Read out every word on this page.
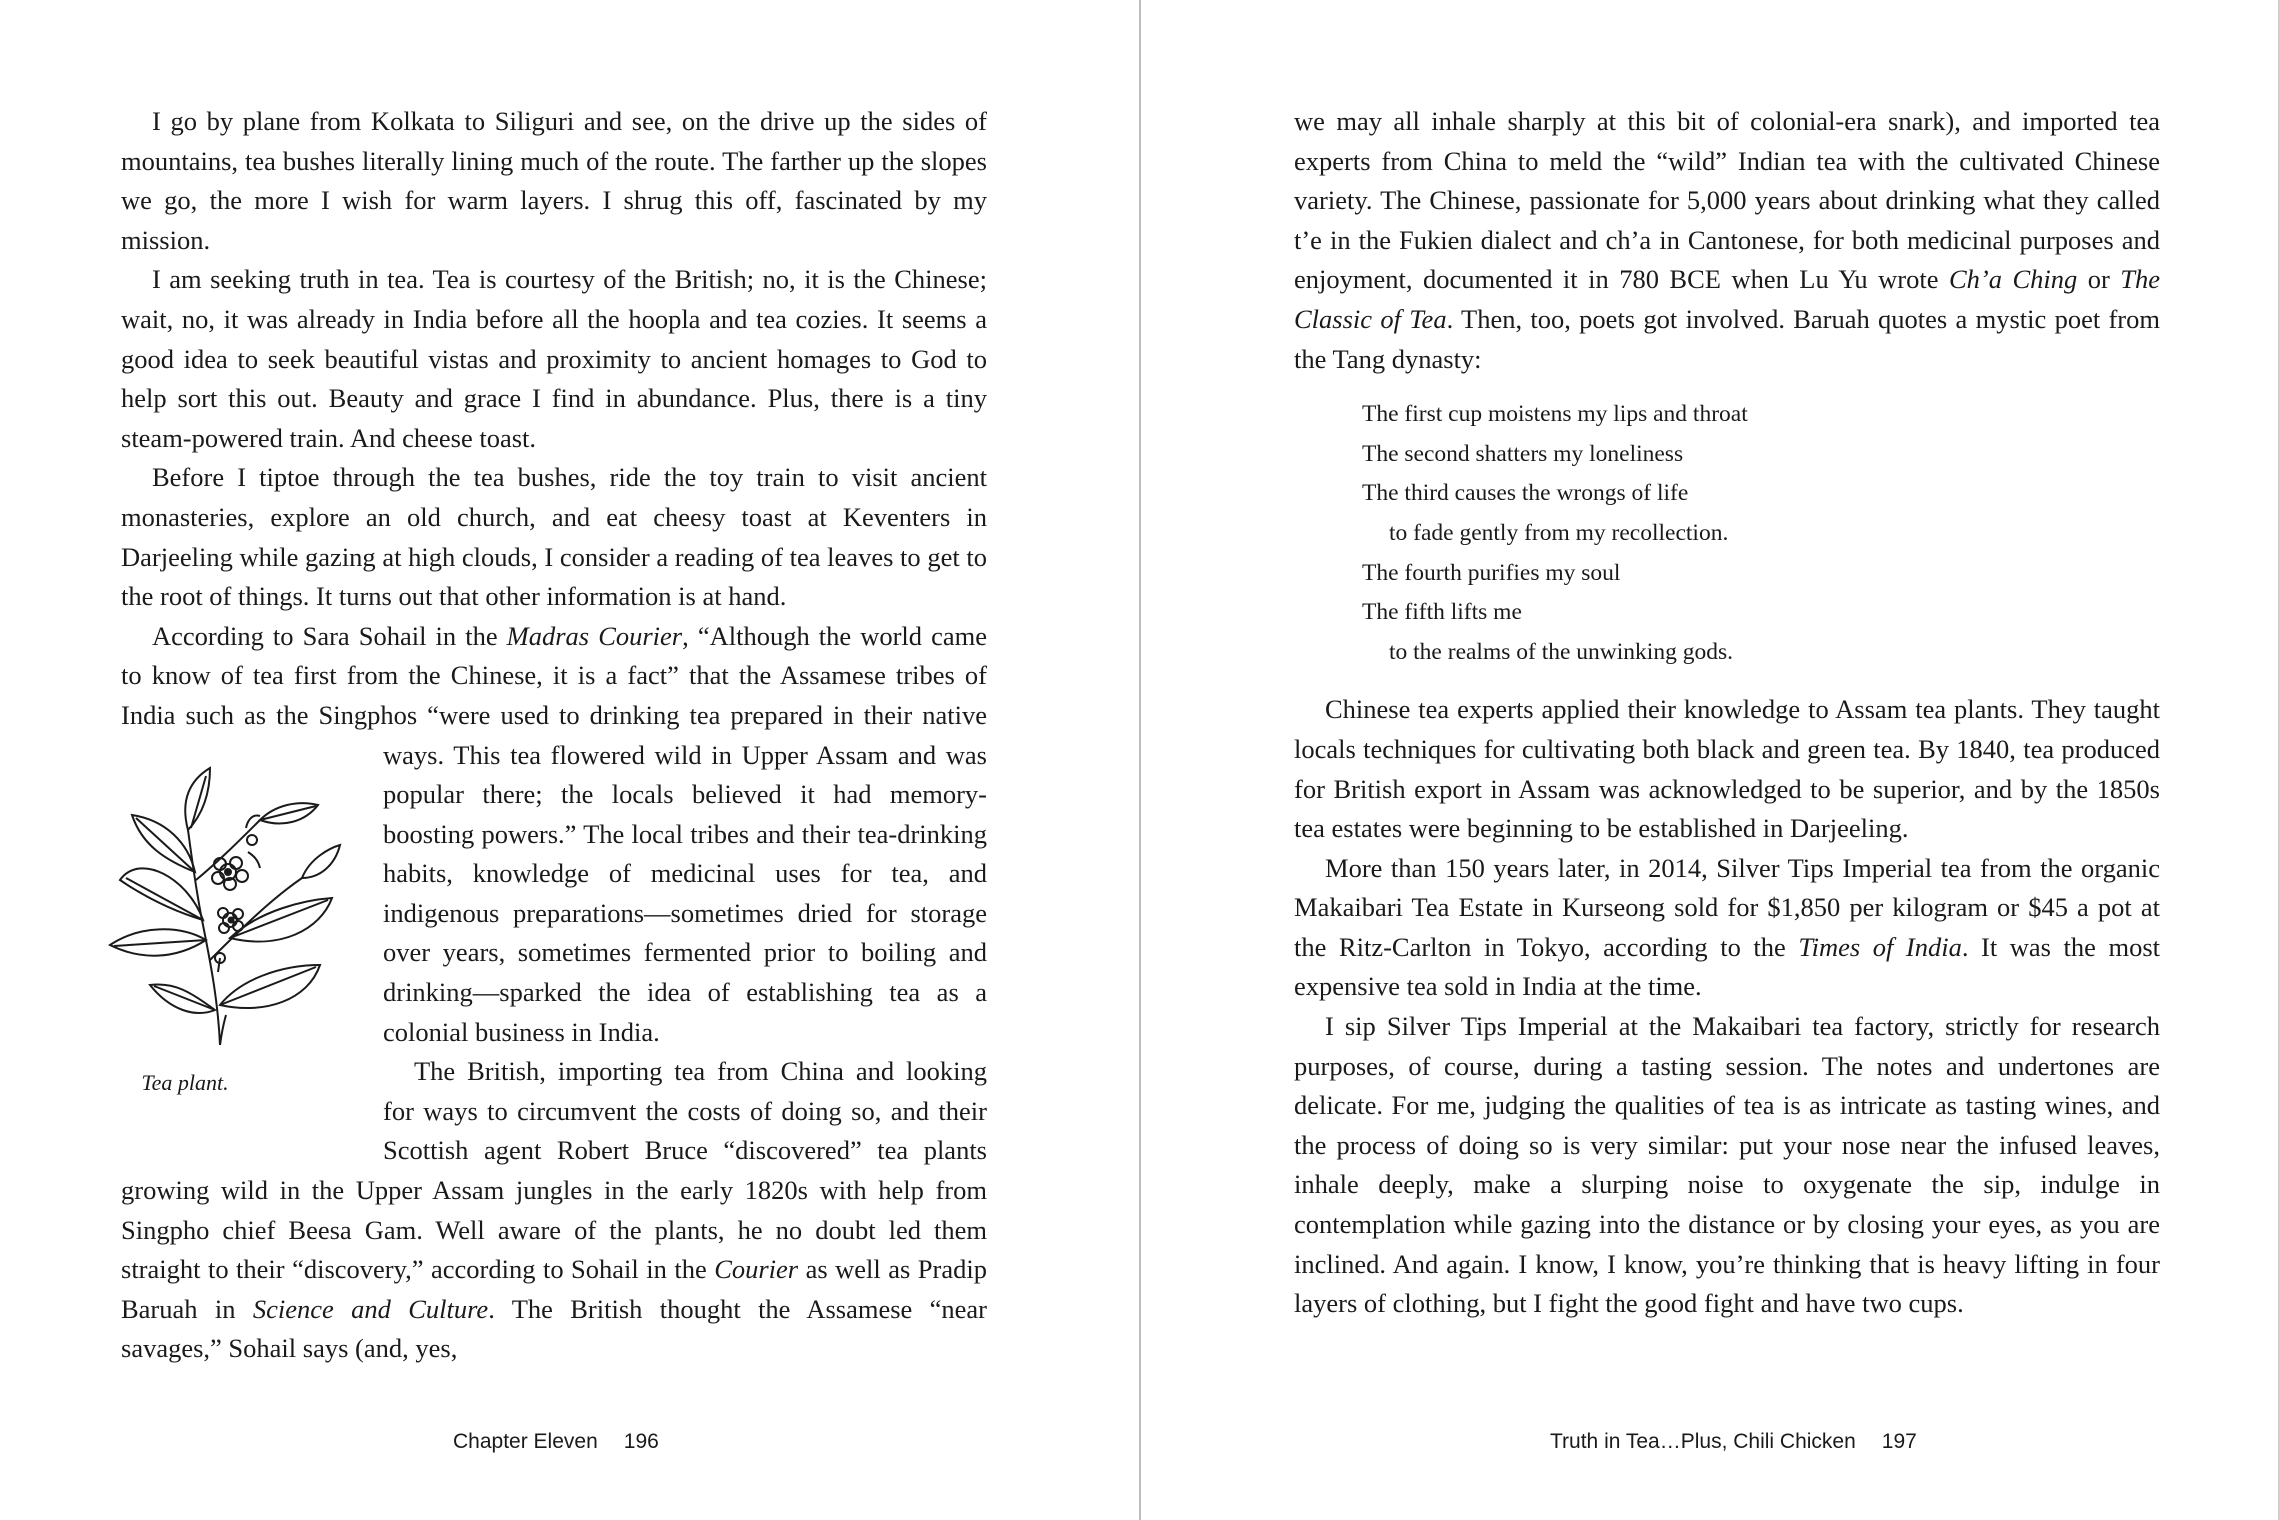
I go by plane from Kolkata to Siliguri and see, on the drive up the sides of mountains, tea bushes literally lining much of the route. The farther up the slopes we go, the more I wish for warm layers. I shrug this off, fascinated by my mission.

I am seeking truth in tea. Tea is courtesy of the British; no, it is the Chinese; wait, no, it was already in India before all the hoopla and tea cozies. It seems a good idea to seek beautiful vistas and proximity to ancient homages to God to help sort this out. Beauty and grace I find in abundance. Plus, there is a tiny steam-powered train. And cheese toast.

Before I tiptoe through the tea bushes, ride the toy train to visit ancient monasteries, explore an old church, and eat cheesy toast at Keventers in Darjeeling while gazing at high clouds, I consider a reading of tea leaves to get to the root of things. It turns out that other information is at hand.

According to Sara Sohail in the Madras Courier, “Although the world came to know of tea first from the Chinese, it is a fact” that the Assamese tribes of India such as the Singphos “were used to drinking tea prepared in their native ways. This tea flowered wild in Upper Assam and was popular there; the locals believed it had memory-boosting powers.” The local tribes and their tea-drinking habits, knowledge of medicinal uses for tea, and indigenous preparations—sometimes dried for storage over years, sometimes fermented prior to boiling and drinking—sparked the idea of establishing tea as a colonial business in India.

The British, importing tea from China and looking for ways to circumvent the costs of doing so, and their Scottish agent Robert Bruce “discovered” tea plants growing wild in the Upper Assam jungles in the early 1820s with help from Singpho chief Beesa Gam. Well aware of the plants, he no doubt led them straight to their “discovery,” according to Sohail in the Courier as well as Pradip Baruah in Science and Culture. The British thought the Assamese “near savages,” Sohail says (and, yes,

Tea plant.
Chapter Eleven 196

we may all inhale sharply at this bit of colonial-era snark), and imported tea experts from China to meld the “wild” Indian tea with the cultivated Chinese variety. The Chinese, passionate for 5,000 years about drinking what they called t’e in the Fukien dialect and ch’a in Cantonese, for both medicinal purposes and enjoyment, documented it in 780 BCE when Lu Yu wrote Ch’a Ching or The Classic of Tea. Then, too, poets got involved. Baruah quotes a mystic poet from the Tang dynasty:

The first cup moistens my lips and throat
The second shatters my loneliness
The third causes the wrongs of life
to fade gently from my recollection.
The fourth purifies my soul
The fifth lifts me
to the realms of the unwinking gods.

Chinese tea experts applied their knowledge to Assam tea plants. They taught locals techniques for cultivating both black and green tea. By 1840, tea produced for British export in Assam was acknowledged to be superior, and by the 1850s tea estates were beginning to be established in Darjeeling.

More than 150 years later, in 2014, Silver Tips Imperial tea from the organic Makaibari Tea Estate in Kurseong sold for $1,850 per kilogram or $45 a pot at the Ritz-Carlton in Tokyo, according to the Times of India. It was the most expensive tea sold in India at the time.

I sip Silver Tips Imperial at the Makaibari tea factory, strictly for research purposes, of course, during a tasting session. The notes and undertones are delicate. For me, judging the qualities of tea is as intricate as tasting wines, and the process of doing so is very similar: put your nose near the infused leaves, inhale deeply, make a slurping noise to oxygenate the sip, indulge in contemplation while gazing into the distance or by closing your eyes, as you are inclined. And again. I know, I know, you’re thinking that is heavy lifting in four layers of clothing, but I fight the good fight and have two cups.

Truth in Tea…Plus, Chili Chicken 197
